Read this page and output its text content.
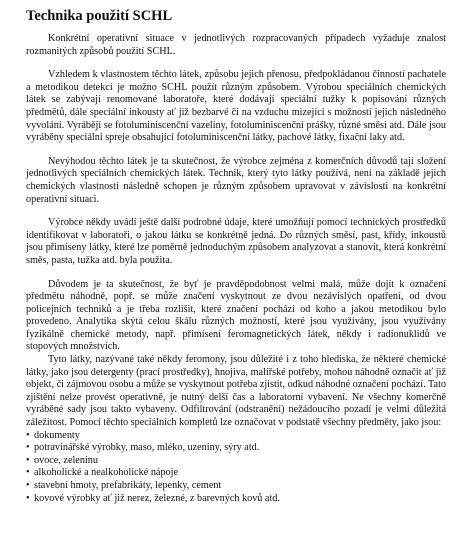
Technika použití SCHL

Konkrétní operativní situace v jednotlivých rozpracovaných případech vyžaduje znalost rozmanitých způsobů použití SCHL.

Vzhledem k vlastnostem těchto látek, způsobu jejich přenosu, předpokládanou činností pachatele a metodikou detekcí je možno SCHL použít různým způsobem. Výrobou speciálních chemických látek se zabývají renomované laboratoře, které dodávají speciální tužky k popisování různých předmětů, dále speciální inkousty ať již bezbarvé či na vzduchu mizející s možností jejich následného vyvolání. Vyrábějí se fotoluminiscenční vazelíny, fotoluminiscenční prášky, různé směsi atd. Dále jsou vyráběny speciální spreje obsahující fotoluminiscenční látky, pachové látky, fixační laky atd.

Nevýhodou těchto látek je ta skutečnost, že výrobce zejména z komerčních důvodů tají složení jednotlivých speciálních chemických látek. Technik, který tyto látky používá, není na základě jejich chemických vlastností následně schopen je různým způsobem upravovat v závislosti na konkrétní operativní situaci.

Výrobce někdy uvádí ještě další podrobné údaje, které umožňují pomocí technických prostředků identifikovat v laboratoři, o jakou látku se konkrétně jedná. Do různých směsí, past, křídy, inkoustů jsou přimíseny látky, které lze poměrně jednoduchým způsobem analyzovat a stanovit, která konkrétní směs, pasta, tužka atd. byla použita.

Důvodem je ta skutečnost, že byť je pravděpodobnost velmi malá, může dojít k označení předmětu náhodně, popř. se může značení vyskytnout ze dvou nezávislých opatření, od dvou policejních techniků a je třeba rozlišit, které značení pochází od koho a jakou metodikou bylo provedeno. Analytika skýtá celou škálu různých možností, které jsou využívány, jsou využívány fyzikálně chemické metody, např. přimísení feromagnetických látek, někdy i radionuklidů ve stopových množstvích.

Tyto látky, nazývané také někdy feromony, jsou důležité i z toho hlediska, že některé chemické látky, jako jsou detergenty (prací prostředky), hnojiva, malířské potřeby, mohou náhodně označit ať již objekt, či zájmovou osobu a může se vyskytnout potřeba zjistit, odkud náhodné označení pochází. Tato zjištění nelze provést operativně, je nutný delší čas a laboratorní vybavení. Ne všechny komerčně vyráběné sady jsou takto vybaveny. Odfiltrování (odstranění) nežádoucího pozadí je velmi důležitá záležitost. Pomocí těchto speciálních kompletů lze označovat v podstatě všechny předměty, jako jsou:

• dokumenty
• potravinářské výrobky, maso, mléko, uzeniny, sýry atd.
• ovoce, zeleninu
• alkoholické a nealkoholické nápoje
• stavební hmoty, prefabrikáty, lepenky, cement
• kovové výrobky ať již nerez, železné, z barevných kovů atd.
